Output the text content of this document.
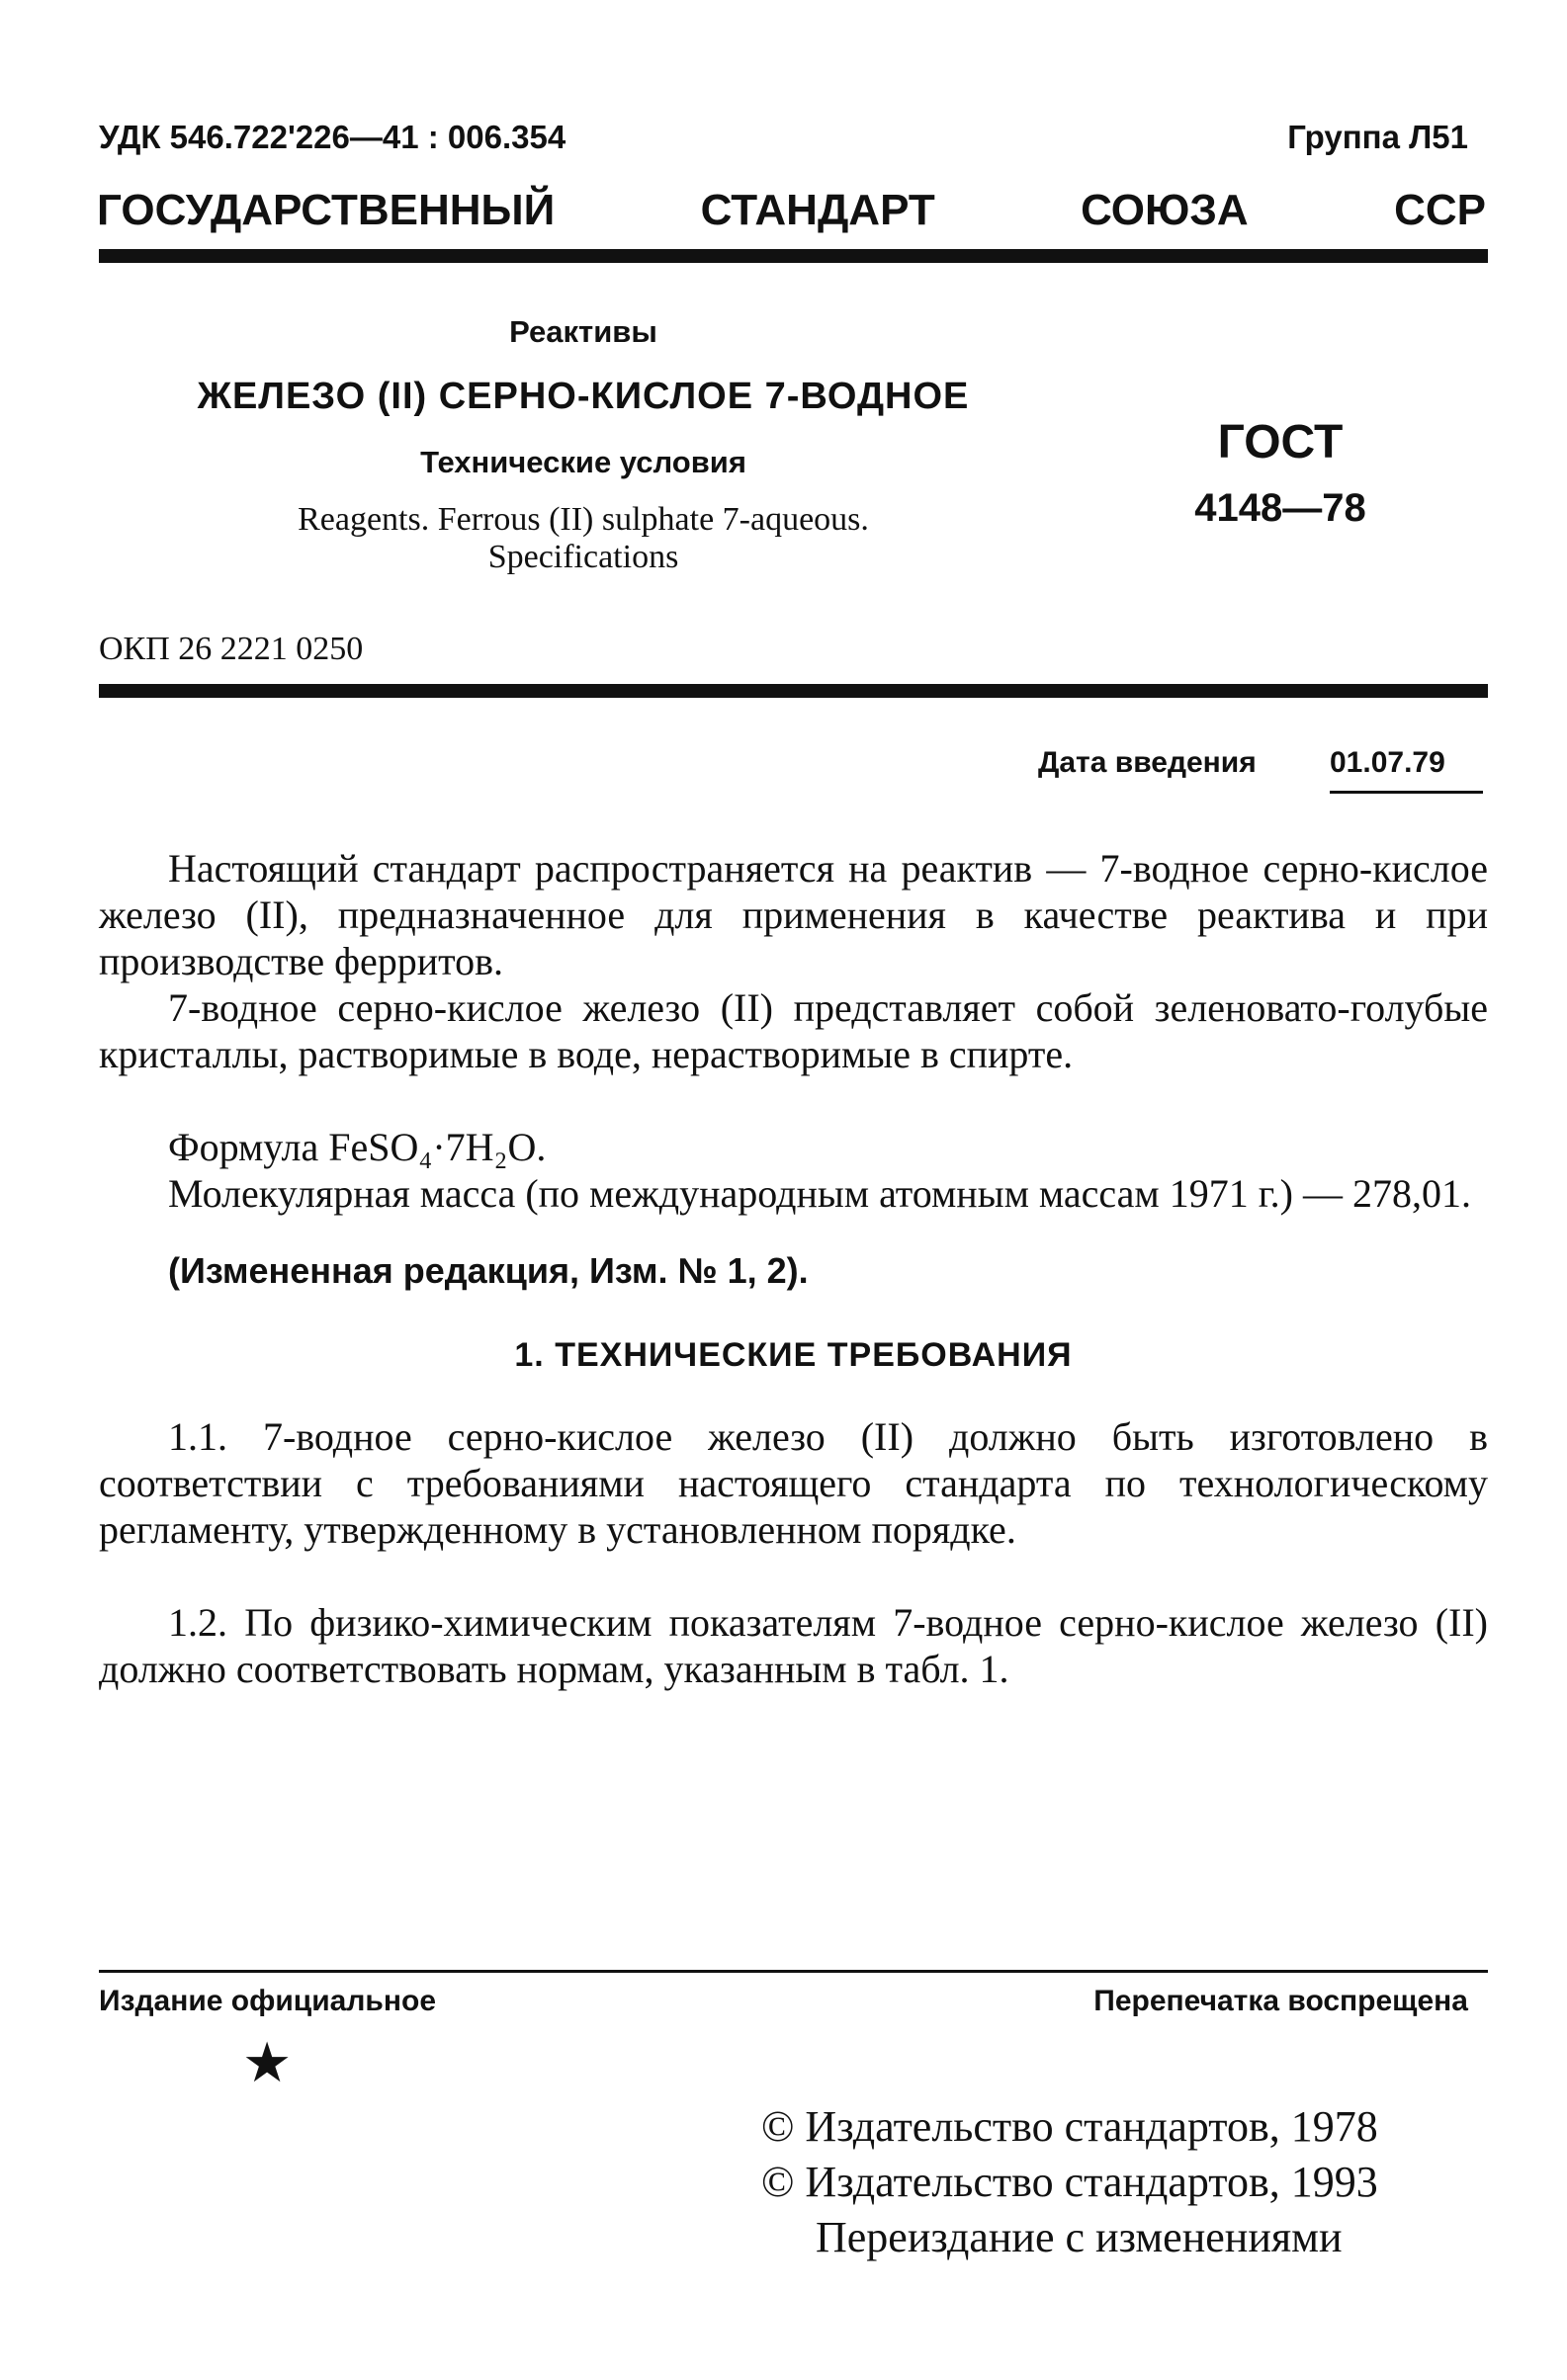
УДК 546.722'226—41 : 006.354	Группа Л51
ГОСУДАРСТВЕННЫЙ СТАНДАРТ СОЮЗА ССР
Реактивы
ЖЕЛЕЗО (II) СЕРНО-КИСЛОЕ 7-ВОДНОЕ
Технические условия
Reagents. Ferrous (II) sulphate 7-aqueous.
Specifications
ГОСТ
4148—78
ОКП 26 2221 0250
Дата введения 01.07.79
Настоящий стандарт распространяется на реактив — 7-водное серно-кислое железо (II), предназначенное для применения в качестве реактива и при производстве ферритов.
7-водное серно-кислое железо (II) представляет собой зеленовато-голубые кристаллы, растворимые в воде, нерастворимые в спирте.
Формула FeSO₄·7H₂O.
Молекулярная масса (по международным атомным массам 1971 г.) — 278,01.
(Измененная редакция, Изм. № 1, 2).
1. ТЕХНИЧЕСКИЕ ТРЕБОВАНИЯ
1.1. 7-водное серно-кислое железо (II) должно быть изготовлено в соответствии с требованиями настоящего стандарта по технологическому регламенту, утвержденному в установленном порядке.
1.2. По физико-химическим показателям 7-водное серно-кислое железо (II) должно соответствовать нормам, указанным в табл. 1.
Издание официальное	Перепечатка воспрещена
★
© Издательство стандартов, 1978
© Издательство стандартов, 1993
Переиздание с изменениями
